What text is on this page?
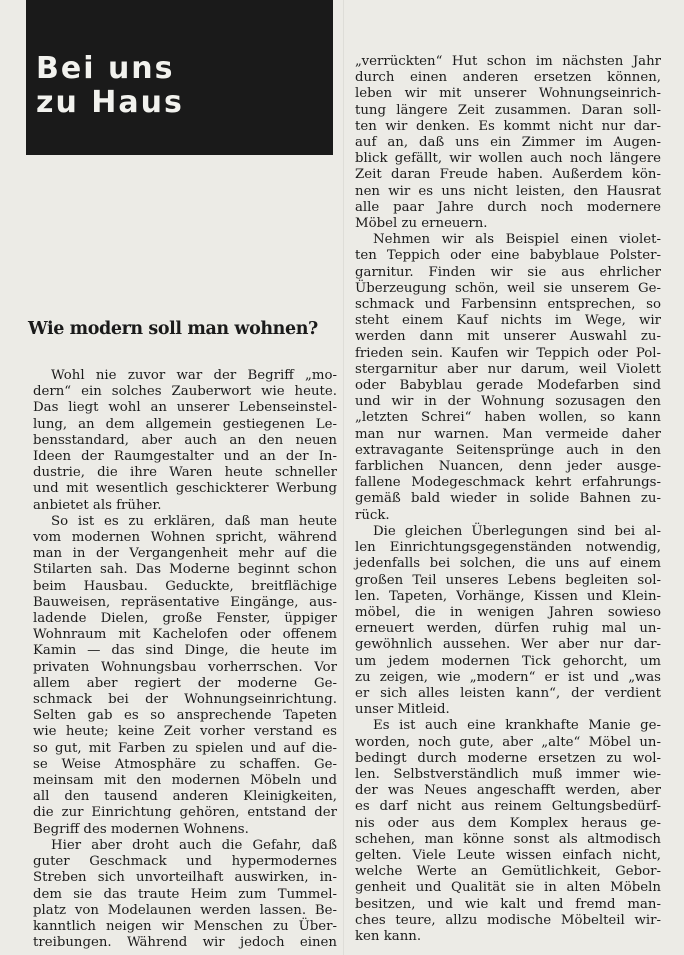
Bei uns
zu Haus
Wie modern soll man wohnen?
Wohl nie zuvor war der Begriff „mo-
dern“ ein solches Zauberwort wie heute.
Das liegt wohl an unserer Lebenseinstel-
lung, an dem allgemein gestiegenen Le-
bensstandard, aber auch an den neuen
Ideen der Raumgestalter und an der In-
dustrie, die ihre Waren heute schneller
und mit wesentlich geschickterer Werbung
anbietet als früher.
So ist es zu erklären, daß man heute
vom modernen Wohnen spricht, während
man in der Vergangenheit mehr auf die
Stilarten sah. Das Moderne beginnt schon
beim Hausbau. Geduckte, breitflächige
Bauweisen, repräsentative Eingänge, aus-
ladende Dielen, große Fenster, üppiger
Wohnraum mit Kachelofen oder offenem
Kamin — das sind Dinge, die heute im
privaten Wohnungsbau vorherrschen. Vor
allem aber regiert der moderne Ge-
schmack bei der Wohnungseinrichtung.
Selten gab es so ansprechende Tapeten
wie heute; keine Zeit vorher verstand es
so gut, mit Farben zu spielen und auf die-
se Weise Atmosphäre zu schaffen. Ge-
meinsam mit den modernen Möbeln und
all den tausend anderen Kleinigkeiten,
die zur Einrichtung gehören, entstand der
Begriff des modernen Wohnens.
Hier aber droht auch die Gefahr, daß
guter Geschmack und hypermodernes
Streben sich unvorteilhaft auswirken, in-
dem sie das traute Heim zum Tummel-
platz von Modelaunen werden lassen. Be-
kanntlich neigen wir Menschen zu Über-
treibungen. Während wir jedoch einen
„verrückten“ Hut schon im nächsten Jahr
durch einen anderen ersetzen können,
leben wir mit unserer Wohnungseinrich-
tung längere Zeit zusammen. Daran soll-
ten wir denken. Es kommt nicht nur dar-
auf an, daß uns ein Zimmer im Augen-
blick gefällt, wir wollen auch noch längere
Zeit daran Freude haben. Außerdem kön-
nen wir es uns nicht leisten, den Hausrat
alle paar Jahre durch noch modernere
Möbel zu erneuern.
Nehmen wir als Beispiel einen violet-
ten Teppich oder eine babyblaue Polster-
garnitur. Finden wir sie aus ehrlicher
Überzeugung schön, weil sie unserem Ge-
schmack und Farbensinn entsprechen, so
steht einem Kauf nichts im Wege, wir
werden dann mit unserer Auswahl zu-
frieden sein. Kaufen wir Teppich oder Pol-
stergarnitur aber nur darum, weil Violett
oder Babyblau gerade Modefarben sind
und wir in der Wohnung sozusagen den
„letzten Schrei“ haben wollen, so kann
man nur warnen. Man vermeide daher
extravagante Seitensprünge auch in den
farblichen Nuancen, denn jeder ausge-
fallene Modegeschmack kehrt erfahrungs-
gemäß bald wieder in solide Bahnen zu-
rück.
Die gleichen Überlegungen sind bei al-
len Einrichtungsgegenständen notwendig,
jedenfalls bei solchen, die uns auf einem
großen Teil unseres Lebens begleiten sol-
len. Tapeten, Vorhänge, Kissen und Klein-
möbel, die in wenigen Jahren sowieso
erneuert werden, dürfen ruhig mal un-
gewöhnlich aussehen. Wer aber nur dar-
um jedem modernen Tick gehorcht, um
zu zeigen, wie „modern“ er ist und „was
er sich alles leisten kann“, der verdient
unser Mitleid.
Es ist auch eine krankhafte Manie ge-
worden, noch gute, aber „alte“ Möbel un-
bedingt durch moderne ersetzen zu wol-
len. Selbstverständlich muß immer wie-
der was Neues angeschafft werden, aber
es darf nicht aus reinem Geltungsbedürf-
nis oder aus dem Komplex heraus ge-
schehen, man könne sonst als altmodisch
gelten. Viele Leute wissen einfach nicht,
welche Werte an Gemütlichkeit, Gebor-
genheit und Qualität sie in alten Möbeln
besitzen, und wie kalt und fremd man-
ches teure, allzu modische Möbelteil wir-
ken kann.
